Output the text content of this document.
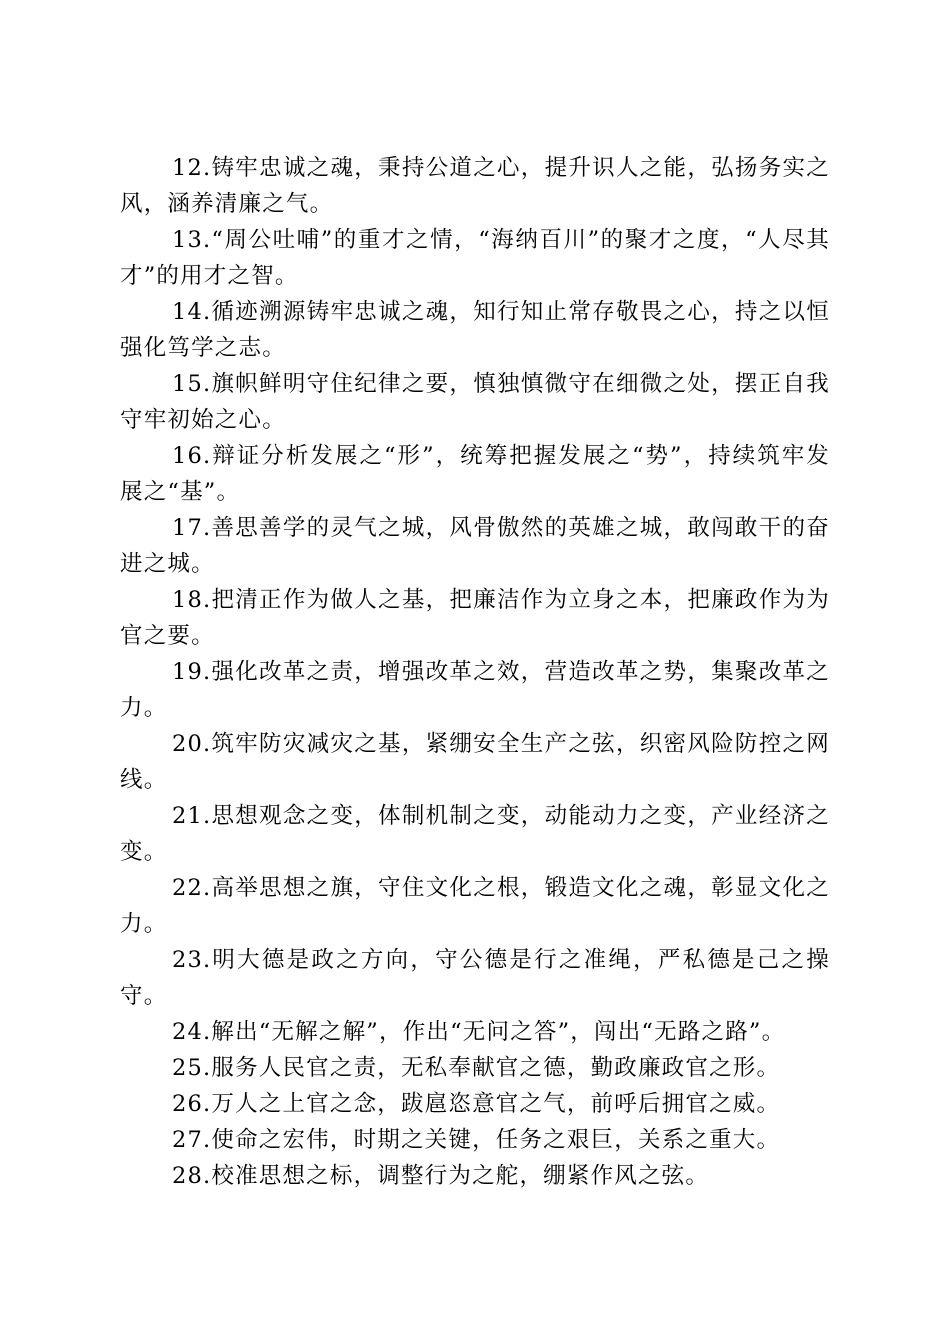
12.铸牢忠诚之魂，秉持公道之心，提升识人之能，弘扬务实之风，涵养清廉之气。

13.“周公吐哺”的重才之情，“海纳百川”的聚才之度，“人尽其才”的用才之智。

14.循迹溯源铸牢忠诚之魂，知行知止常存敬畏之心，持之以恒强化笃学之志。

15.旗帜鲜明守住纪律之要，慎独慎微守在细微之处，摆正自我守牢初始之心。

16.辩证分析发展之“形”，统筹把握发展之“势”，持续筑牢发展之“基”。

17.善思善学的灵气之城，风骨傲然的英雄之城，敢闯敢干的奋进之城。

18.把清正作为做人之基，把廉洁作为立身之本，把廉政作为为官之要。

19.强化改革之责，增强改革之效，营造改革之势，集聚改革之力。

20.筑牢防灾减灾之基，紧绷安全生产之弦，织密风险防控之网线。

21.思想观念之变，体制机制之变，动能动力之变，产业经济之变。

22.高举思想之旗，守住文化之根，锻造文化之魂，彰显文化之力。

23.明大德是政之方向，守公德是行之准绳，严私德是己之操守。

24.解出“无解之解”，作出“无问之答”，闯出“无路之路”。

25.服务人民官之责，无私奉献官之德，勤政廉政官之形。

26.万人之上官之念，跋扈恣意官之气，前呼后拥官之威。

27.使命之宏伟，时期之关键，任务之艰巨，关系之重大。

28.校准思想之标，调整行为之舵，绷紧作风之弦。
